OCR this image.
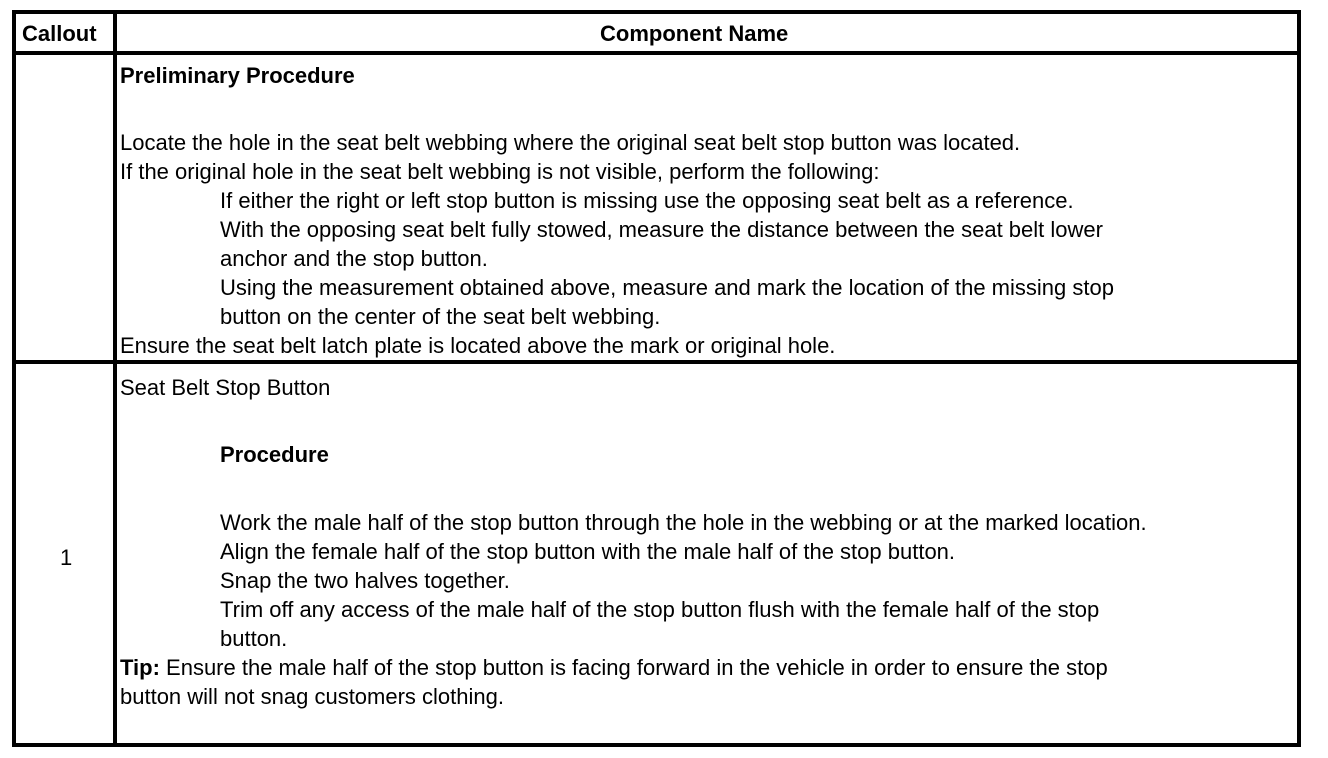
Callout	Component Name
Preliminary Procedure
Locate the hole in the seat belt webbing where the original seat belt stop button was located.
If the original hole in the seat belt webbing is not visible, perform the following:
If either the right or left stop button is missing use the opposing seat belt as a reference.
With the opposing seat belt fully stowed, measure the distance between the seat belt lower
anchor and the stop button.
Using the measurement obtained above, measure and mark the location of the missing stop
button on the center of the seat belt webbing.
Ensure the seat belt latch plate is located above the mark or original hole.
1
Seat Belt Stop Button
Procedure
Work the male half of the stop button through the hole in the webbing or at the marked location.
Align the female half of the stop button with the male half of the stop button.
Snap the two halves together.
Trim off any access of the male half of the stop button flush with the female half of the stop
button.
Tip: Ensure the male half of the stop button is facing forward in the vehicle in order to ensure the stop
button will not snag customers clothing.
